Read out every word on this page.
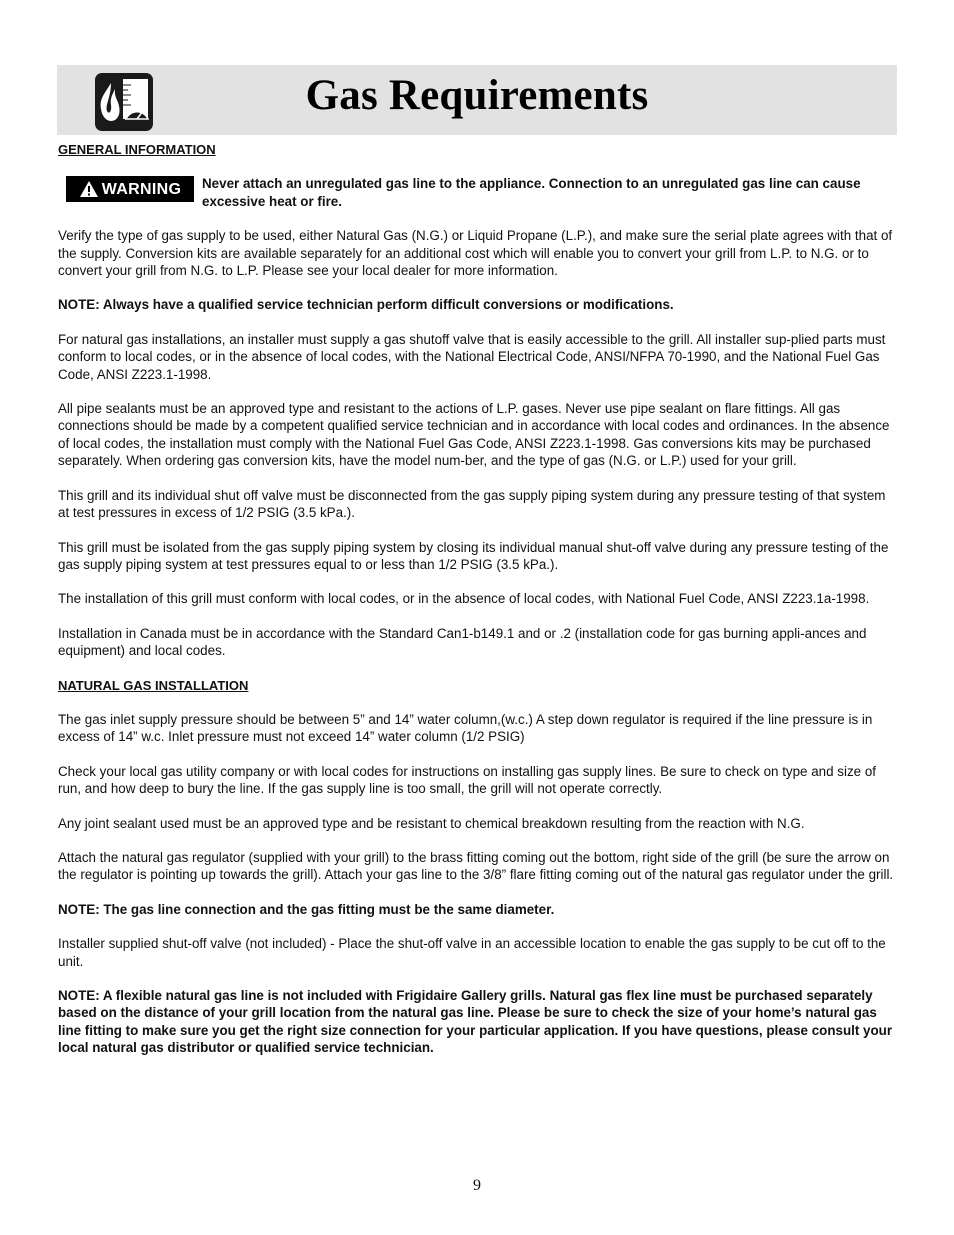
Gas Requirements

GENERAL INFORMATION

WARNING Never attach an unregulated gas line to the appliance. Connection to an unregulated gas line can cause excessive heat or fire.

Verify the type of gas supply to be used, either Natural Gas (N.G.) or Liquid Propane (L.P.), and make sure the serial plate agrees with that of the supply. Conversion kits are available separately for an additional cost which will enable you to convert your grill from L.P. to N.G. or to convert your grill from N.G. to L.P. Please see your local dealer for more information.

NOTE: Always have a qualified service technician perform difficult conversions or modifications.

For natural gas installations, an installer must supply a gas shutoff valve that is easily accessible to the grill. All installer sup-plied parts must conform to local codes, or in the absence of local codes, with the National Electrical Code, ANSI/NFPA 70-1990, and the National Fuel Gas Code, ANSI Z223.1-1998.

All pipe sealants must be an approved type and resistant to the actions of L.P. gases. Never use pipe sealant on flare fittings. All gas connections should be made by a competent qualified service technician and in accordance with local codes and ordinances. In the absence of local codes, the installation must comply with the National Fuel Gas Code, ANSI Z223.1-1998. Gas conversions kits may be purchased separately. When ordering gas conversion kits, have the model num-ber, and the type of gas (N.G. or L.P.) used for your grill.

This grill and its individual shut off valve must be disconnected from the gas supply piping system during any pressure testing of that system at test pressures in excess of 1/2 PSIG (3.5 kPa.).

This grill must be isolated from the gas supply piping system by closing its individual manual shut-off valve during any pressure testing of the gas supply piping system at test pressures equal to or less than 1/2 PSIG (3.5 kPa.).

The installation of this grill must conform with local codes, or in the absence of local codes, with National Fuel Code, ANSI Z223.1a-1998.

Installation in Canada must be in accordance with the Standard Can1-b149.1 and or .2 (installation code for gas burning appli-ances and equipment) and local codes.

NATURAL GAS INSTALLATION

The gas inlet supply pressure should be between 5” and 14” water column,(w.c.) A step down regulator is required if the line pressure is in excess of 14” w.c. Inlet pressure must not exceed 14” water column (1/2 PSIG)

Check your local gas utility company or with local codes for instructions on installing gas supply lines. Be sure to check on type and size of run, and how deep to bury the line. If the gas supply line is too small, the grill will not operate correctly.

Any joint sealant used must be an approved type and be resistant to chemical breakdown resulting from the reaction with N.G.

Attach the natural gas regulator (supplied with your grill) to the brass fitting coming out the bottom, right side of the grill (be sure the arrow on the regulator is pointing up towards the grill). Attach your gas line to the 3/8” flare fitting coming out of the natural gas regulator under the grill.

NOTE: The gas line connection and the gas fitting must be the same diameter.

Installer supplied shut-off valve (not included) - Place the shut-off valve in an accessible location to enable the gas supply to be cut off to the unit.

NOTE: A flexible natural gas line is not included with Frigidaire Gallery grills. Natural gas flex line must be purchased separately based on the distance of your grill location from the natural gas line. Please be sure to check the size of your home’s natural gas line fitting to make sure you get the right size connection for your particular application. If you have questions, please consult your local natural gas distributor or qualified service technician.

9
